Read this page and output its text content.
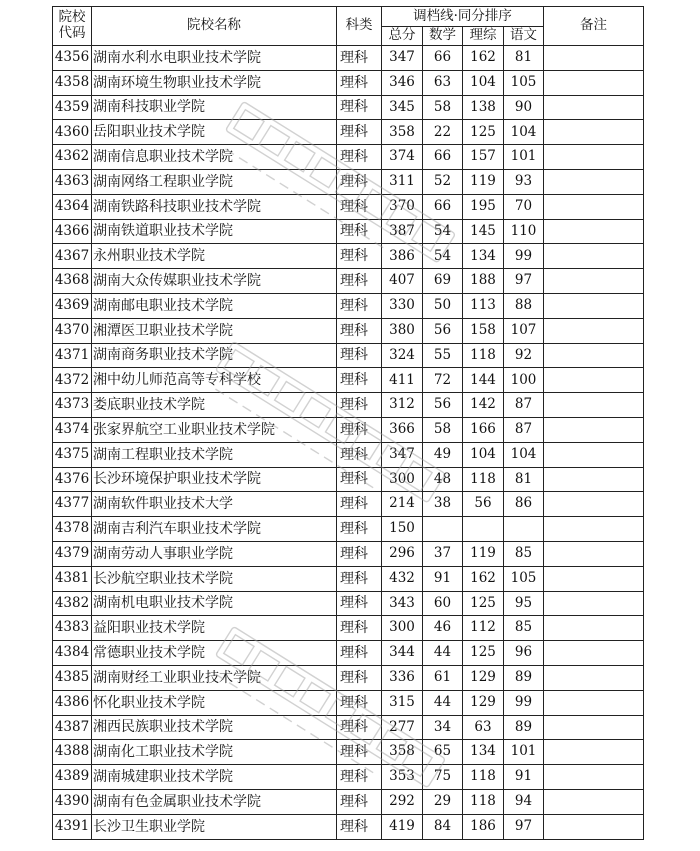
院校
代码	院校名称	科类	调档线·同分排序				备注
			总分	数学	理综	语文	
4356	湖南水利水电职业技术学院	理科	347	66	162	81	
4358	湖南环境生物职业技术学院	理科	346	63	104	105	
4359	湖南科技职业学院	理科	345	58	138	90	
4360	岳阳职业技术学院	理科	358	22	125	104	
4362	湖南信息职业技术学院	理科	374	66	157	101	
4363	湖南网络工程职业学院	理科	311	52	119	93	
4364	湖南铁路科技职业技术学院	理科	370	66	195	70	
4366	湖南铁道职业技术学院	理科	387	54	145	110	
4367	永州职业技术学院	理科	386	54	134	99	
4368	湖南大众传媒职业技术学院	理科	407	69	188	97	
4369	湖南邮电职业技术学院	理科	330	50	113	88	
4370	湘潭医卫职业技术学院	理科	380	56	158	107	
4371	湖南商务职业技术学院	理科	324	55	118	92	
4372	湘中幼儿师范高等专科学校	理科	411	72	144	100	
4373	娄底职业技术学院	理科	312	56	142	87	
4374	张家界航空工业职业技术学院	理科	366	58	166	87	
4375	湖南工程职业技术学院	理科	347	49	104	104	
4376	长沙环境保护职业技术学院	理科	300	48	118	81	
4377	湖南软件职业技术大学	理科	214	38	56	86	
4378	湖南吉利汽车职业技术学院	理科	150				
4379	湖南劳动人事职业学院	理科	296	37	119	85	
4381	长沙航空职业技术学院	理科	432	91	162	105	
4382	湖南机电职业技术学院	理科	343	60	125	95	
4383	益阳职业技术学院	理科	300	46	112	85	
4384	常德职业技术学院	理科	344	44	125	96	
4385	湖南财经工业职业技术学院	理科	336	61	129	89	
4386	怀化职业技术学院	理科	315	44	129	99	
4387	湘西民族职业技术学院	理科	277	34	63	89	
4388	湖南化工职业技术学院	理科	358	65	134	101	
4389	湖南城建职业技术学院	理科	353	75	118	91	
4390	湖南有色金属职业技术学院	理科	292	29	118	94	
4391	长沙卫生职业学院	理科	419	84	186	97	
